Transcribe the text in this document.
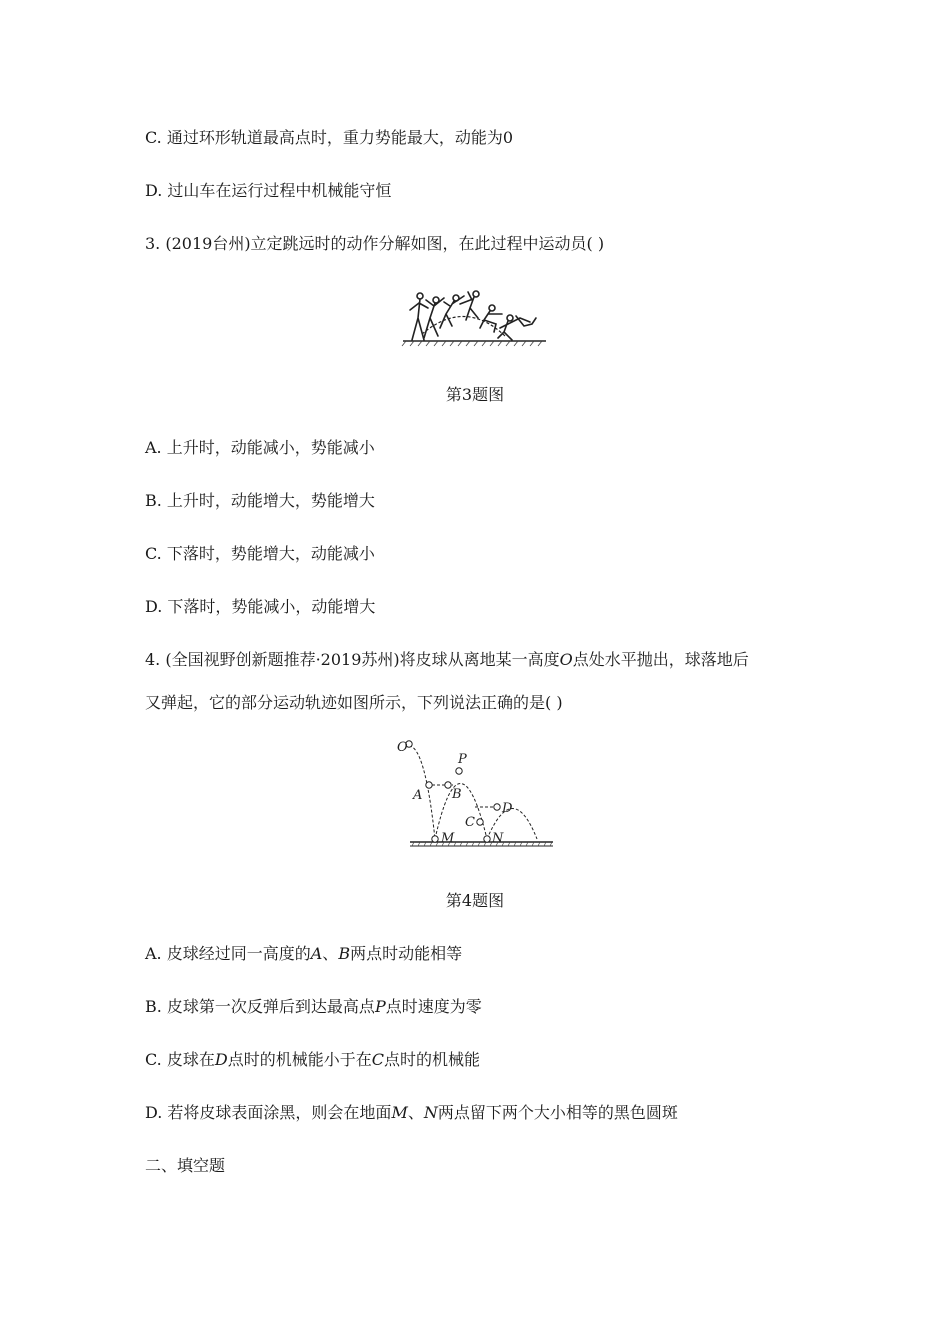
C. 通过环形轨道最高点时，重力势能最大，动能为0
D. 过山车在运行过程中机械能守恒
3. (2019台州)立定跳远时的动作分解如图，在此过程中运动员( )
第3题图
A. 上升时，动能减小，势能减小
B. 上升时，动能增大，势能增大
C. 下落时，势能增大，动能减小
D. 下落时，势能减小，动能增大
4. (全国视野创新题推荐·2019苏州)将皮球从离地某一高度O点处水平抛出，球落地后
又弹起，它的部分运动轨迹如图所示，下列说法正确的是( )
O
P
A B
C
D
M	N
第4题图
A. 皮球经过同一高度的A、B两点时动能相等
B. 皮球第一次反弹后到达最高点P点时速度为零
C. 皮球在D点时的机械能小于在C点时的机械能
D. 若将皮球表面涂黑，则会在地面M、N两点留下两个大小相等的黑色圆斑
二、填空题
